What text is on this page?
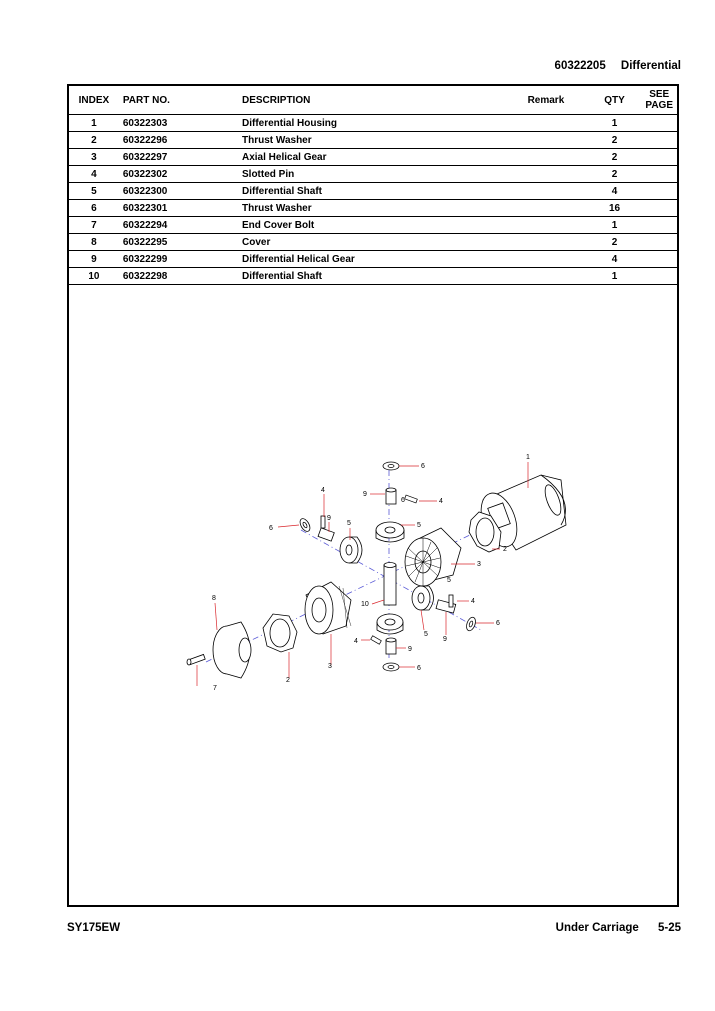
60322205 Differential
INDEX	PART NO.	DESCRIPTION	Remark	QTY	SEE
PAGE

1	60322303	Differential Housing		1	
2	60322296	Thrust Washer		2	
3	60322297	Axial Helical Gear		2	
4	60322302	Slotted Pin		2	
5	60322300	Differential Shaft		4	
6	60322301	Thrust Washer		16	
7	60322294	End Cover Bolt		1	
8	60322295	Cover		2	
9	60322299	Differential Helical Gear		4	
10	60322298	Differential Shaft		1	
1
2
3
4
5
6
7
8
9
10
2
3
4
5
6
9
4
5
6
9
4
5
6
9
6
SY175EW	Under Carriage 5-25
